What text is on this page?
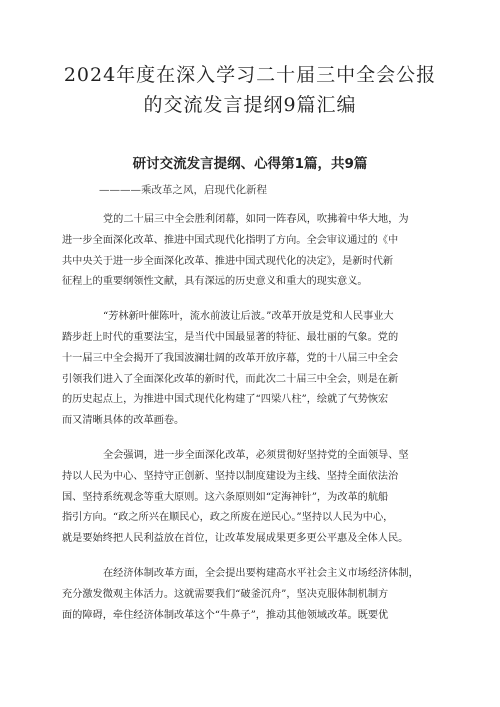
2024年度在深入学习二十届三中全会公报
的交流发言提纲9篇汇编
研讨交流发言提纲、心得第1篇，共9篇
————乘改革之风，启现代化新程
党的二十届三中全会胜利闭幕，如同一阵春风，吹拂着中华大地，为
进一步全面深化改革、推进中国式现代化指明了方向。全会审议通过的《中
共中央关于进一步全面深化改革、推进中国式现代化的决定》，是新时代新
征程上的重要纲领性文献，具有深远的历史意义和重大的现实意义。
“芳林新叶催陈叶，流水前波让后波。”改革开放是党和人民事业大
踏步赶上时代的重要法宝，是当代中国最显著的特征、最壮丽的气象。党的
十一届三中全会揭开了我国波澜壮阔的改革开放序幕，党的十八届三中全会
引领我们进入了全面深化改革的新时代，而此次二十届三中全会，则是在新
的历史起点上，为推进中国式现代化构建了“四梁八柱”，绘就了气势恢宏
而又清晰具体的改革画卷。
全会强调，进一步全面深化改革，必须贯彻好坚持党的全面领导、坚
持以人民为中心、坚持守正创新、坚持以制度建设为主线、坚持全面依法治
国、坚持系统观念等重大原则。这六条原则如“定海神针”，为改革的航船
指引方向。“政之所兴在顺民心，政之所废在逆民心。”坚持以人民为中心，
就是要始终把人民利益放在首位，让改革发展成果更多更公平惠及全体人民。
在经济体制改革方面，全会提出要构建高水平社会主义市场经济体制，
充分激发微观主体活力。这就需要我们“破釜沉舟”，坚决克服体制机制方
面的障碍，牵住经济体制改革这个“牛鼻子”，推动其他领域改革。既要优
